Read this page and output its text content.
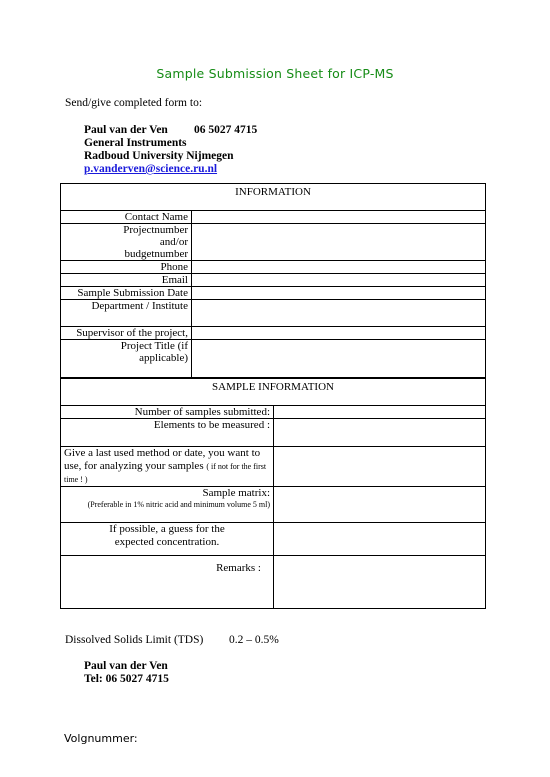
Sample Submission Sheet for ICP-MS
Send/give completed form to:
Paul van der Ven	06 5027 4715
General Instruments
Radboud University Nijmegen
p.vanderven@science.ru.nl
INFORMATION	
Contact Name	
Projectnumber and/or budgetnumber	
Phone	
Email	
Sample Submission Date	
Department / Institute	
Supervisor of the project,	
Project Title (if applicable)	
SAMPLE INFORMATION	
Number of samples submitted:	
Elements to be measured :	
Give a last used method or date, you want to use, for analyzing your samples ( if not for the first time ! )	

Sample matrix:
(Preferable in 1% nitric acid and minimum volume 5 ml)	

If possible, a guess for the expected concentration.	
Remarks :	
Dissolved Solids Limit (TDS) 0.2 – 0.5%
Paul van der Ven
Tel: 06 5027 4715
Volgnummer:
